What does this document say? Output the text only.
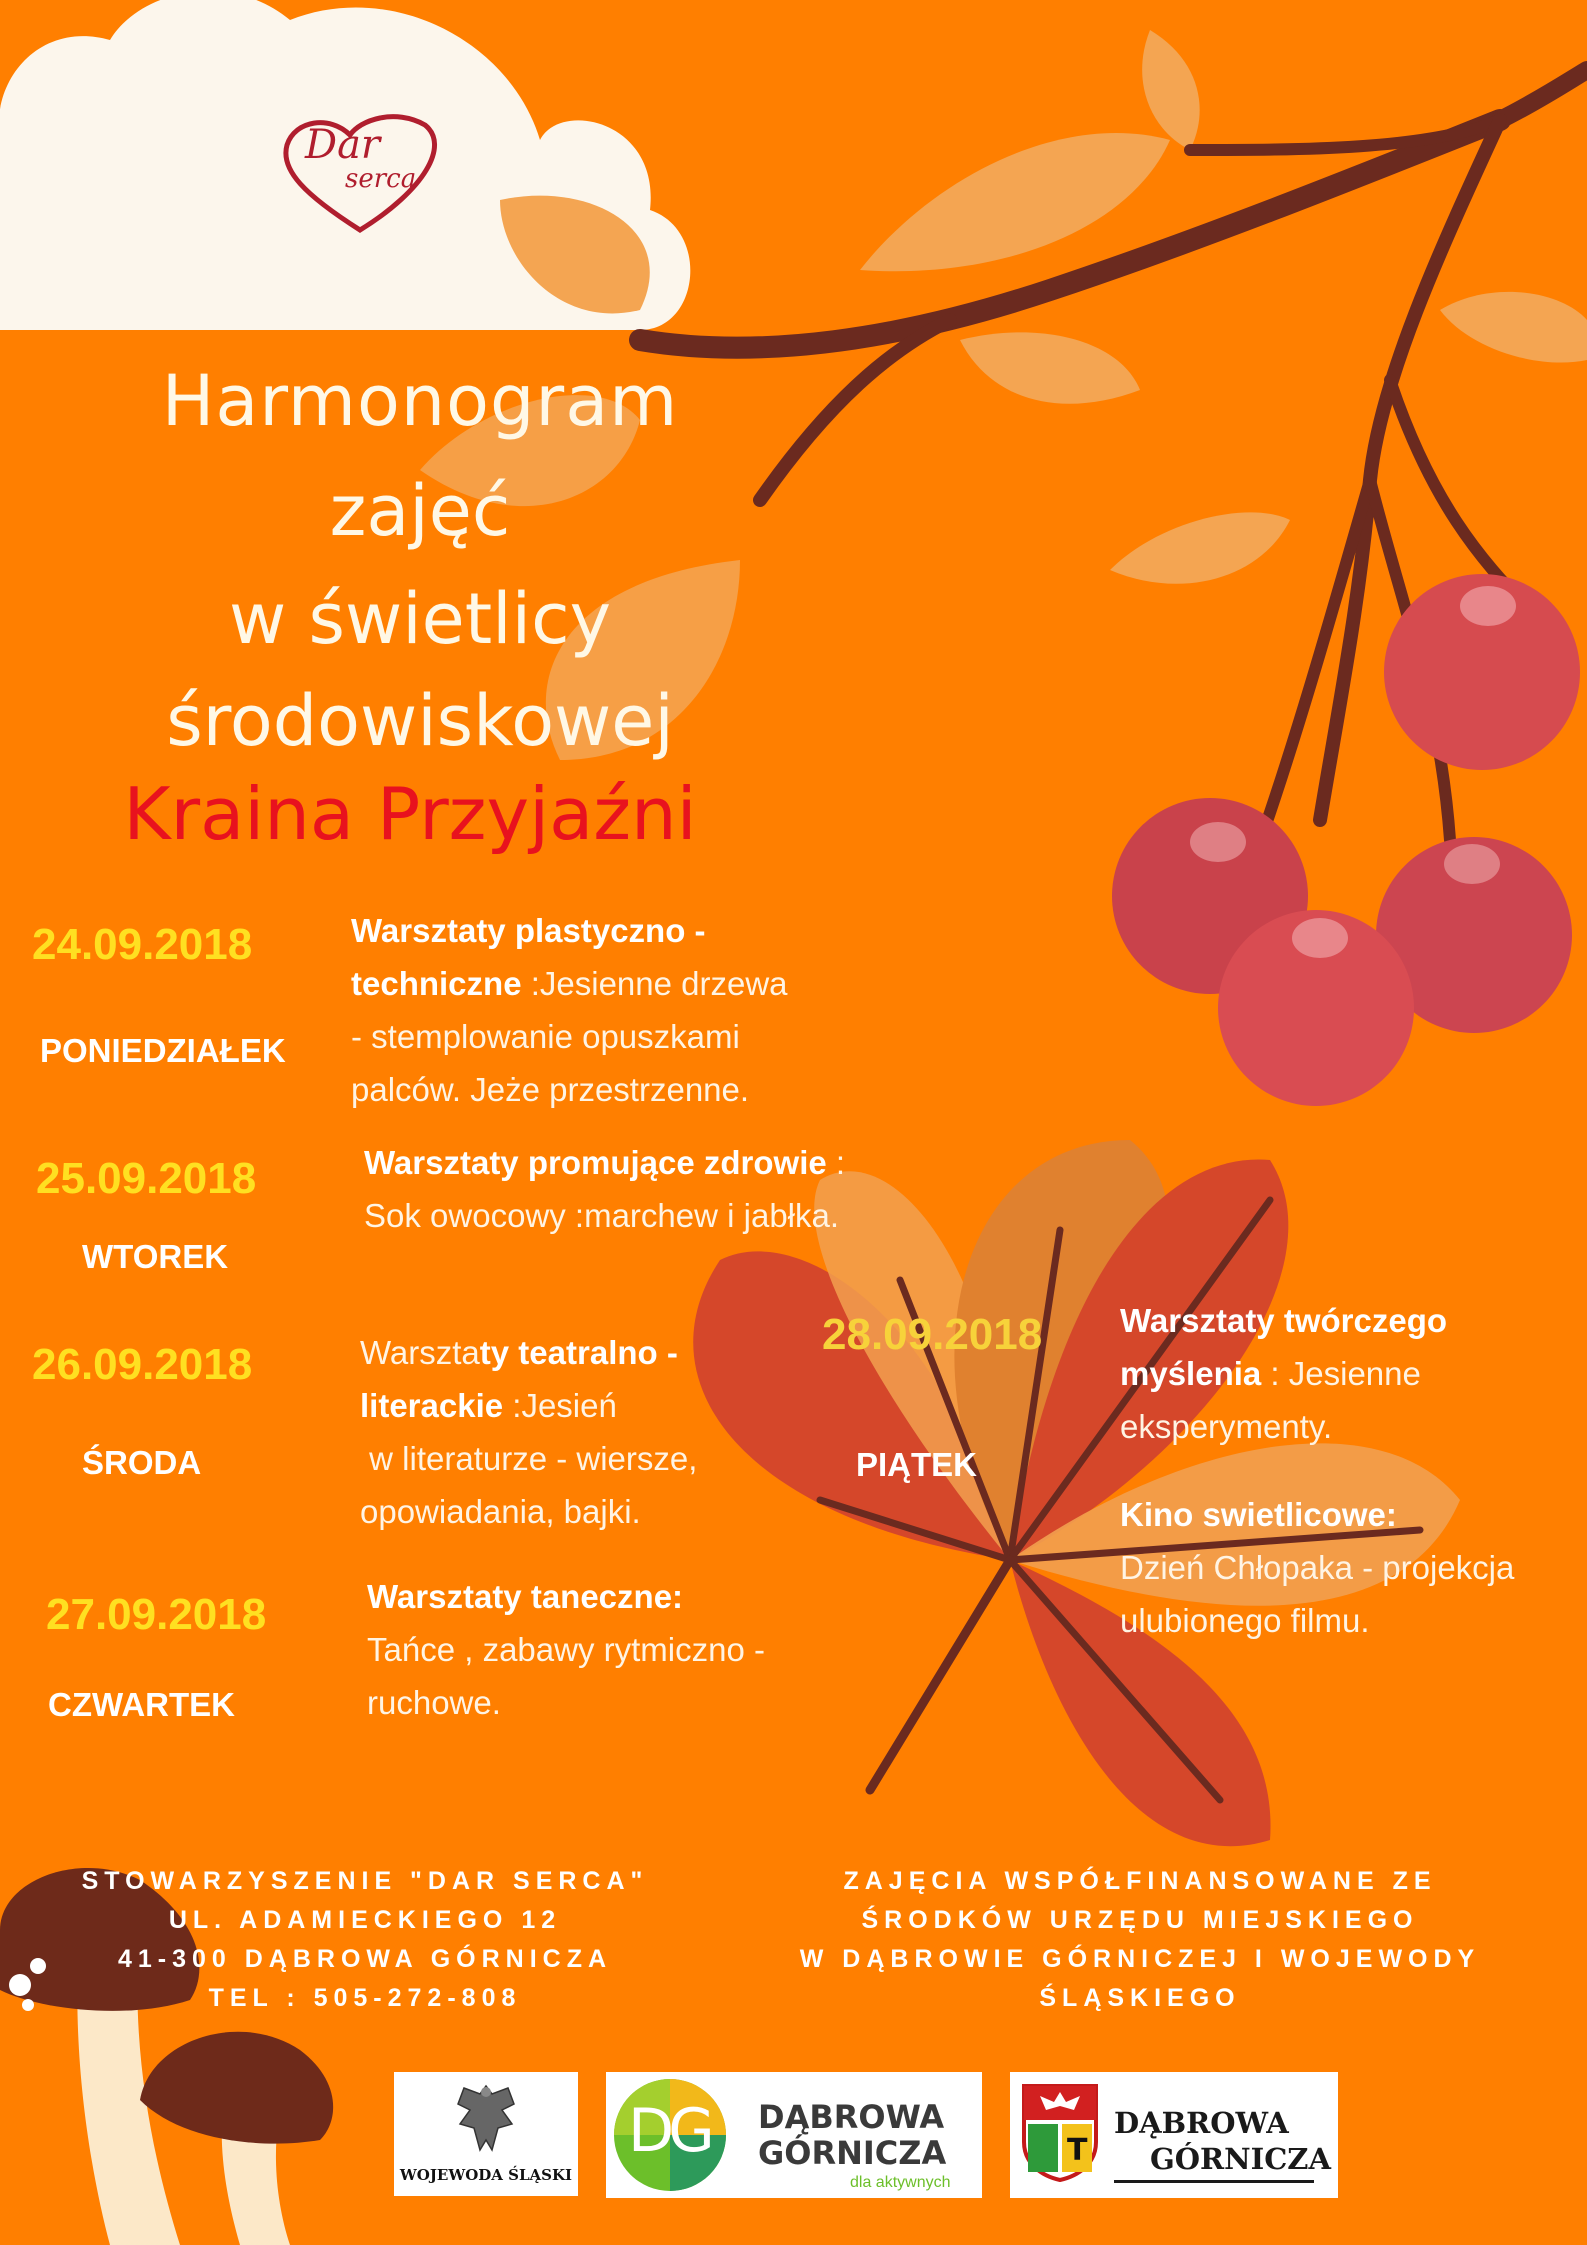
Dar
serca
Harmonogram
zajęć
w świetlicy
środowiskowej
Kraina Przyjaźni
24.09.2018
PONIEDZIAŁEK
Warsztaty plastyczno -
techniczne :Jesienne drzewa
- stemplowanie opuszkami
palców. Jeże przestrzenne.
25.09.2018
WTOREK
Warsztaty promujące zdrowie :
Sok owocowy :marchew i jabłka.
26.09.2018
ŚRODA
Warsztaty teatralno -
literackie :Jesień
w literaturze - wiersze,
opowiadania, bajki.
27.09.2018
CZWARTEK
Warsztaty taneczne:
Tańce , zabawy rytmiczno -
ruchowe.
28.09.2018
PIĄTEK
Warsztaty twórczego
myślenia : Jesienne
eksperymenty.
Kino swietlicowe:
Dzień Chłopaka - projekcja
ulubionego filmu.
STOWARZYSZENIE "DAR SERCA"
UL. ADAMIECKIEGO 12
41-300 DĄBROWA GÓRNICZA
TEL : 505-272-808
ZAJĘCIA WSPÓŁFINANSOWANE ZE
ŚRODKÓW URZĘDU MIEJSKIEGO
W DĄBROWIE GÓRNICZEJ I WOJEWODY
ŚLĄSKIEGO
WOJEWODA ŚLĄSKI
DG DĄBROWA
GÓRNICZA
dla aktywnych
T
DĄBROWA
GÓRNICZA
